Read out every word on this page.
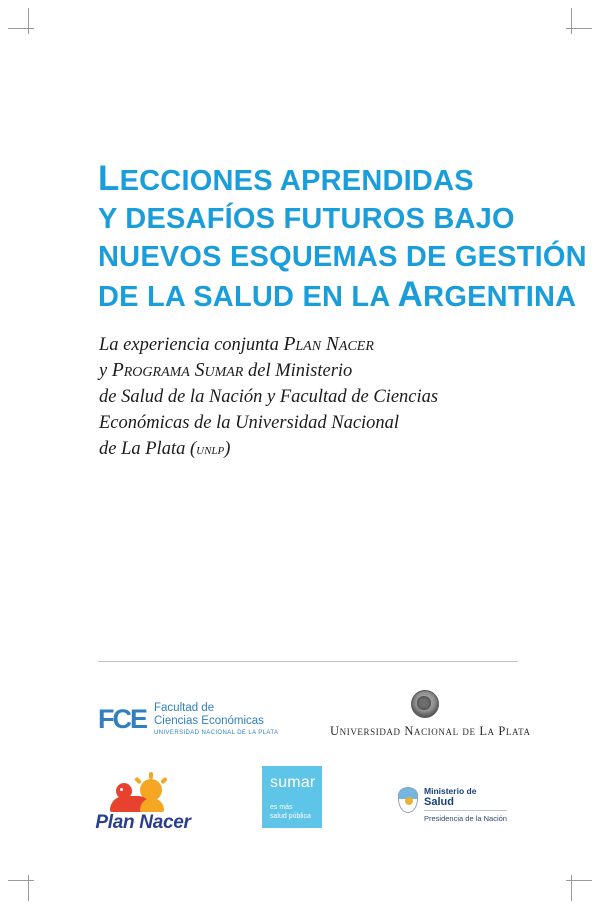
LECCIONES APRENDIDAS
Y DESAFÍOS FUTUROS BAJO
NUEVOS ESQUEMAS DE GESTIÓN
DE LA SALUD EN LA ARGENTINA
La experiencia conjunta Plan Nacer
y Programa Sumar del Ministerio
de Salud de la Nación y Facultad de Ciencias
Económicas de la Universidad Nacional
de La Plata (unlp)
FCE Facultad de
Ciencias Económicas
UNIVERSIDAD NACIONAL DE LA PLATA	Universidad Nacional de La Plata
Plan Nacer
sumar
es más
salud pública
Ministerio de
Salud
Presidencia de la Nación
